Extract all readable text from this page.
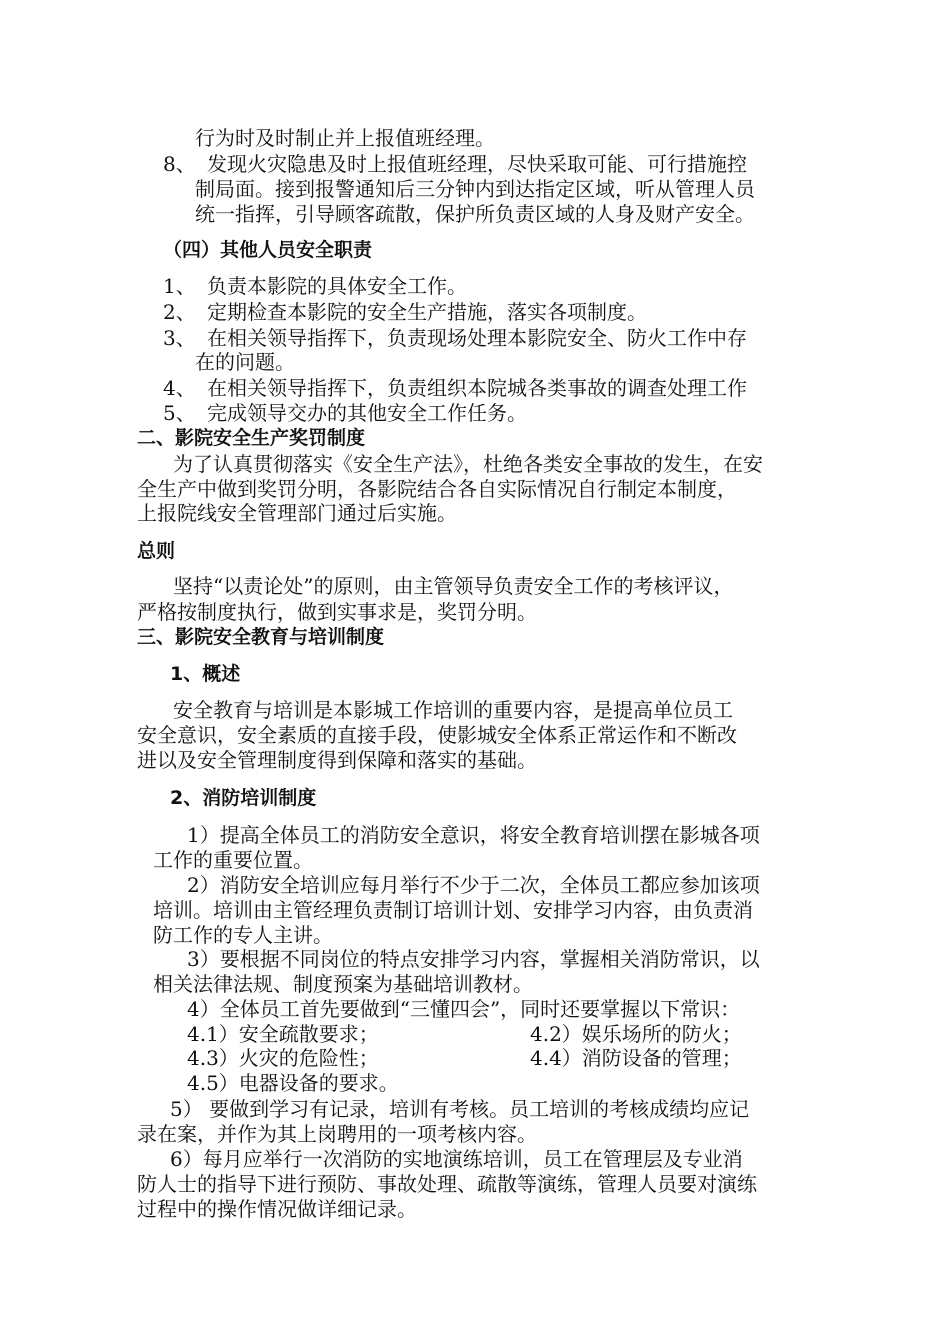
行为时及时制止并上报值班经理。
8、 发现火灾隐患及时上报值班经理，尽快采取可能、可行措施控
制局面。接到报警通知后三分钟内到达指定区域，听从管理人员
统一指挥，引导顾客疏散，保护所负责区域的人身及财产安全。
（四）其他人员安全职责
1、 负责本影院的具体安全工作。
2、 定期检查本影院的安全生产措施，落实各项制度。
3、 在相关领导指挥下，负责现场处理本影院安全、防火工作中存
在的问题。
4、 在相关领导指挥下，负责组织本院城各类事故的调查处理工作
5、 完成领导交办的其他安全工作任务。
二、影院安全生产奖罚制度
为了认真贯彻落实《安全生产法》，杜绝各类安全事故的发生，在安
全生产中做到奖罚分明，各影院结合各自实际情况自行制定本制度，
上报院线安全管理部门通过后实施。
总则
坚持“以责论处”的原则，由主管领导负责安全工作的考核评议，
严格按制度执行，做到实事求是，奖罚分明。
三、影院安全教育与培训制度
1、概述
安全教育与培训是本影城工作培训的重要内容，是提高单位员工
安全意识，安全素质的直接手段，使影城安全体系正常运作和不断改
进以及安全管理制度得到保障和落实的基础。
2、消防培训制度
1）提高全体员工的消防安全意识，将安全教育培训摆在影城各项
工作的重要位置。
2）消防安全培训应每月举行不少于二次，全体员工都应参加该项
培训。培训由主管经理负责制订培训计划、安排学习内容，由负责消
防工作的专人主讲。
3）要根据不同岗位的特点安排学习内容，掌握相关消防常识，以
相关法律法规、制度预案为基础培训教材。
4）全体员工首先要做到“三懂四会”，同时还要掌握以下常识：
4.1）安全疏散要求；	4.2）娱乐场所的防火；
4.3）火灾的危险性；	4.4）消防设备的管理；
4.5）电器设备的要求。
5） 要做到学习有记录，培训有考核。员工培训的考核成绩均应记
录在案，并作为其上岗聘用的一项考核内容。
6）每月应举行一次消防的实地演练培训，员工在管理层及专业消
防人士的指导下进行预防、事故处理、疏散等演练，管理人员要对演练
过程中的操作情况做详细记录。
